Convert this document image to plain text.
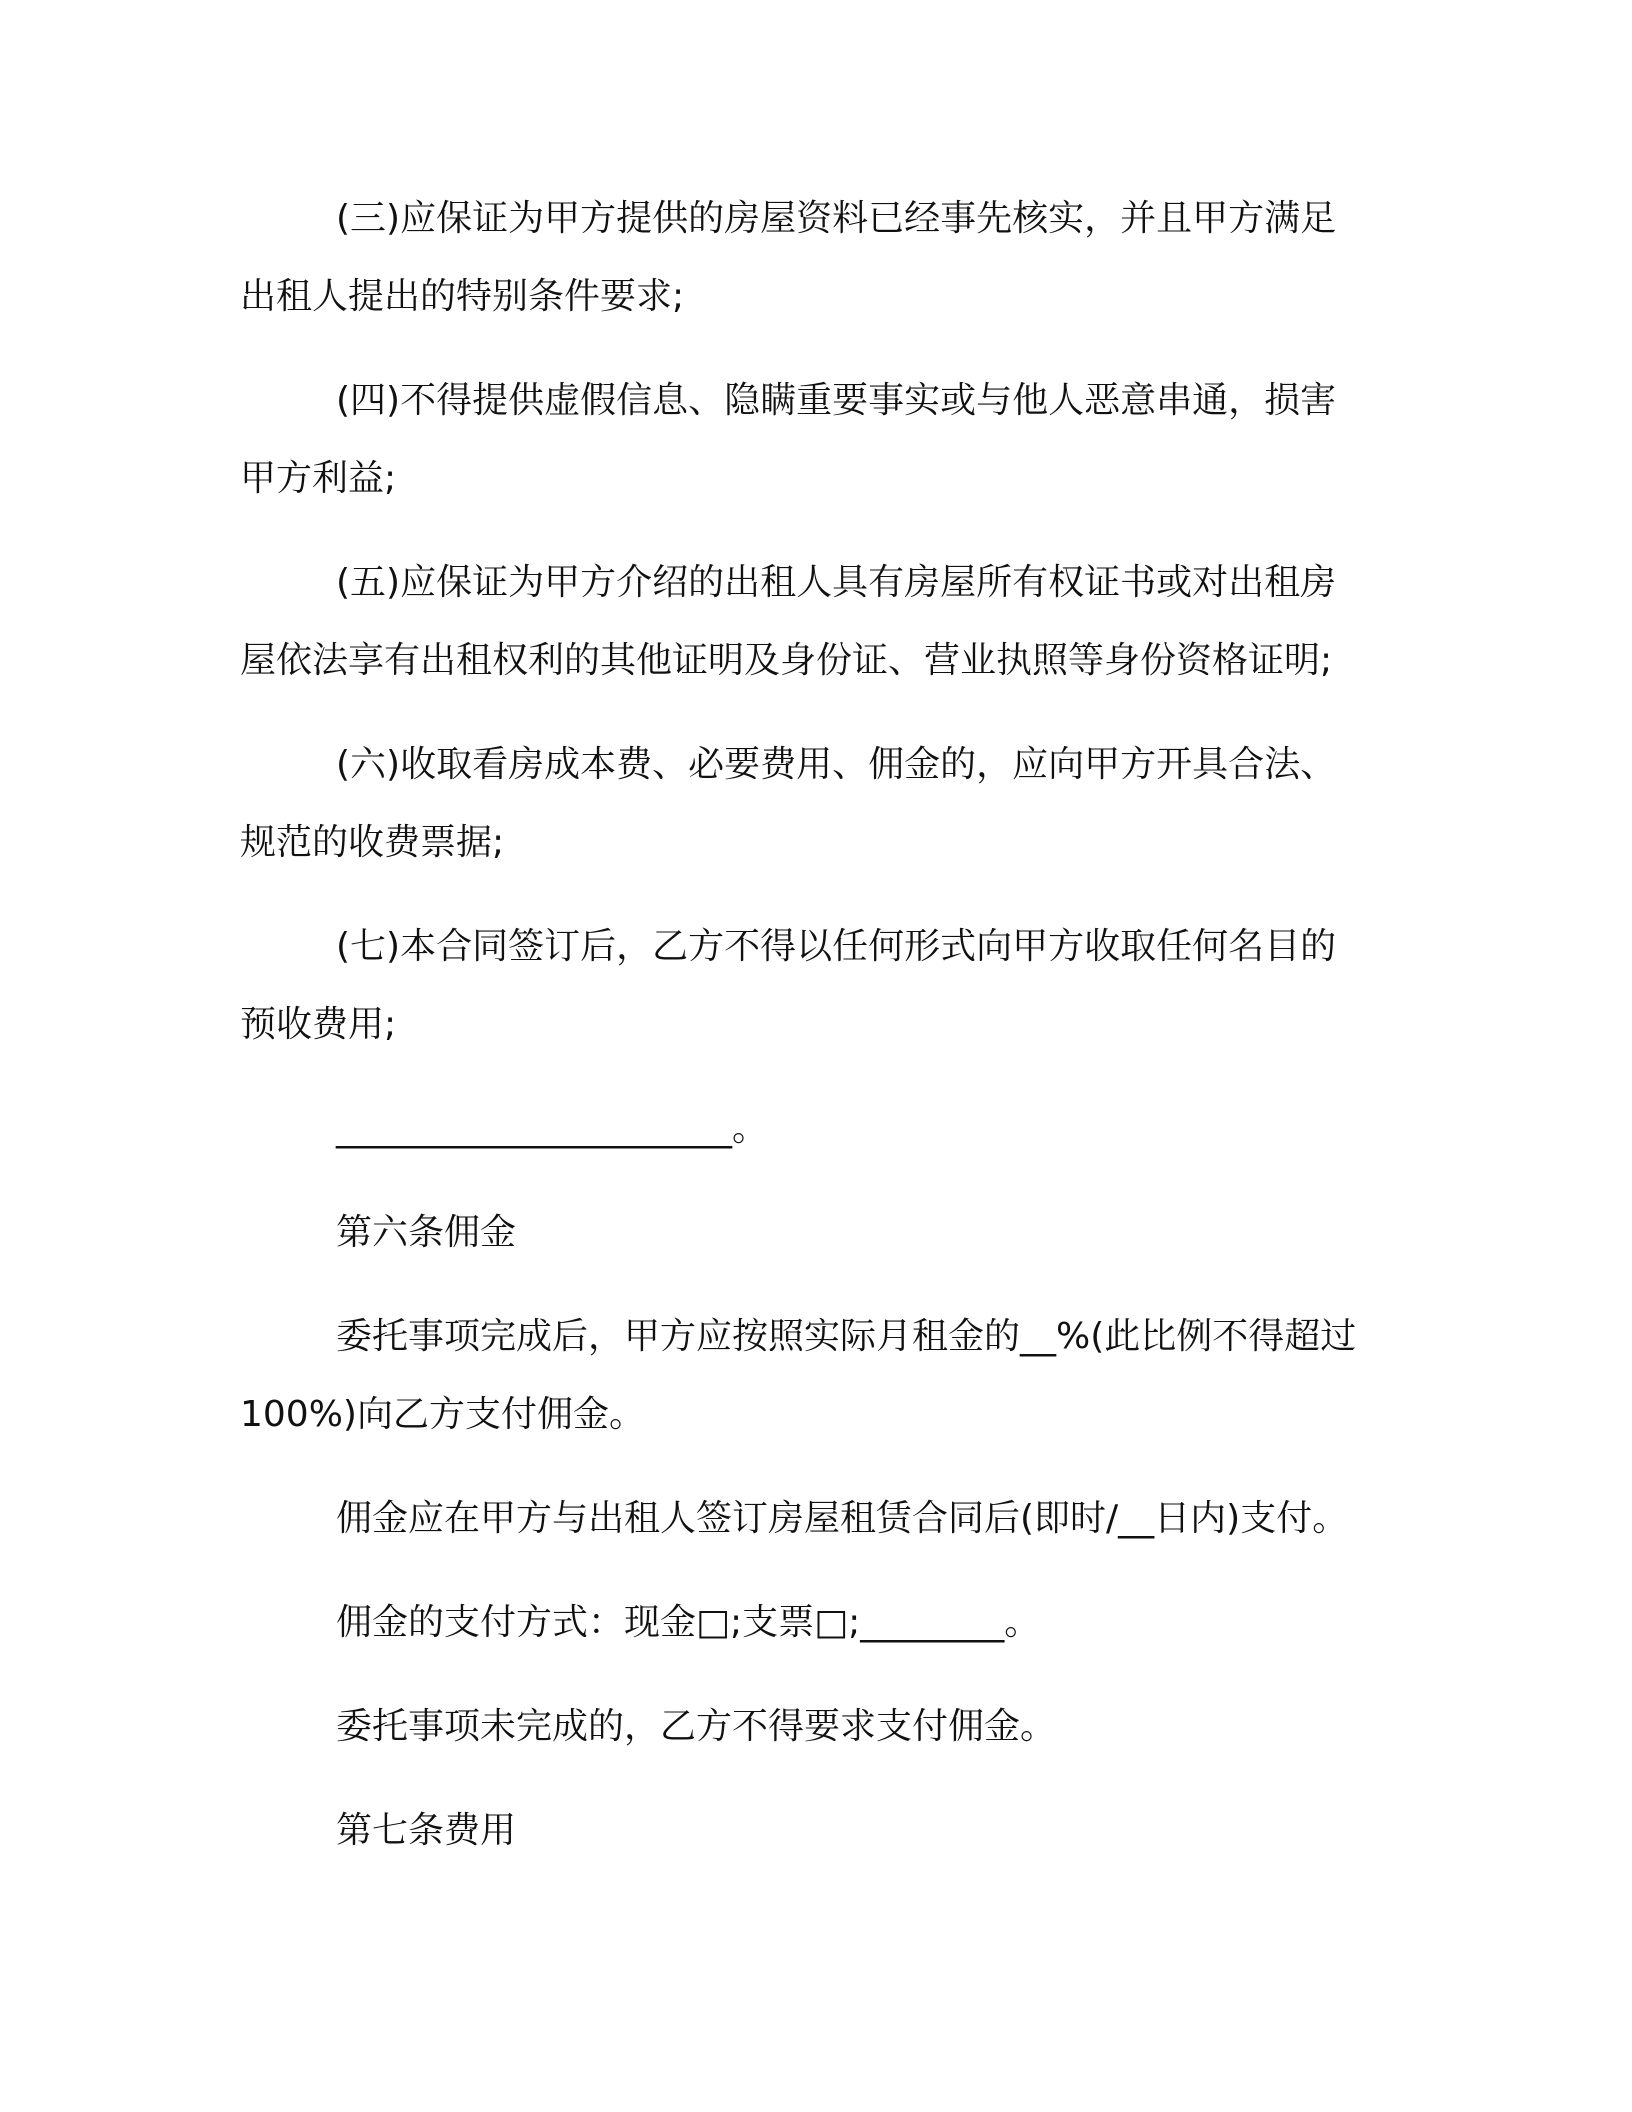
(三)应保证为甲方提供的房屋资料已经事先核实，并且甲方满足出租人提出的特别条件要求;

(四)不得提供虚假信息、隐瞒重要事实或与他人恶意串通，损害甲方利益;

(五)应保证为甲方介绍的出租人具有房屋所有权证书或对出租房屋依法享有出租权利的其他证明及身份证、营业执照等身份资格证明;

(六)收取看房成本费、必要费用、佣金的，应向甲方开具合法、规范的收费票据;

(七)本合同签订后，乙方不得以任何形式向甲方收取任何名目的预收费用;

______________________。

第六条佣金

委托事项完成后，甲方应按照实际月租金的__%(此比例不得超过 100%)向乙方支付佣金。

佣金应在甲方与出租人签订房屋租赁合同后(即时/__日内)支付。

佣金的支付方式：现金□;支票□;________。

委托事项未完成的，乙方不得要求支付佣金。

第七条费用
